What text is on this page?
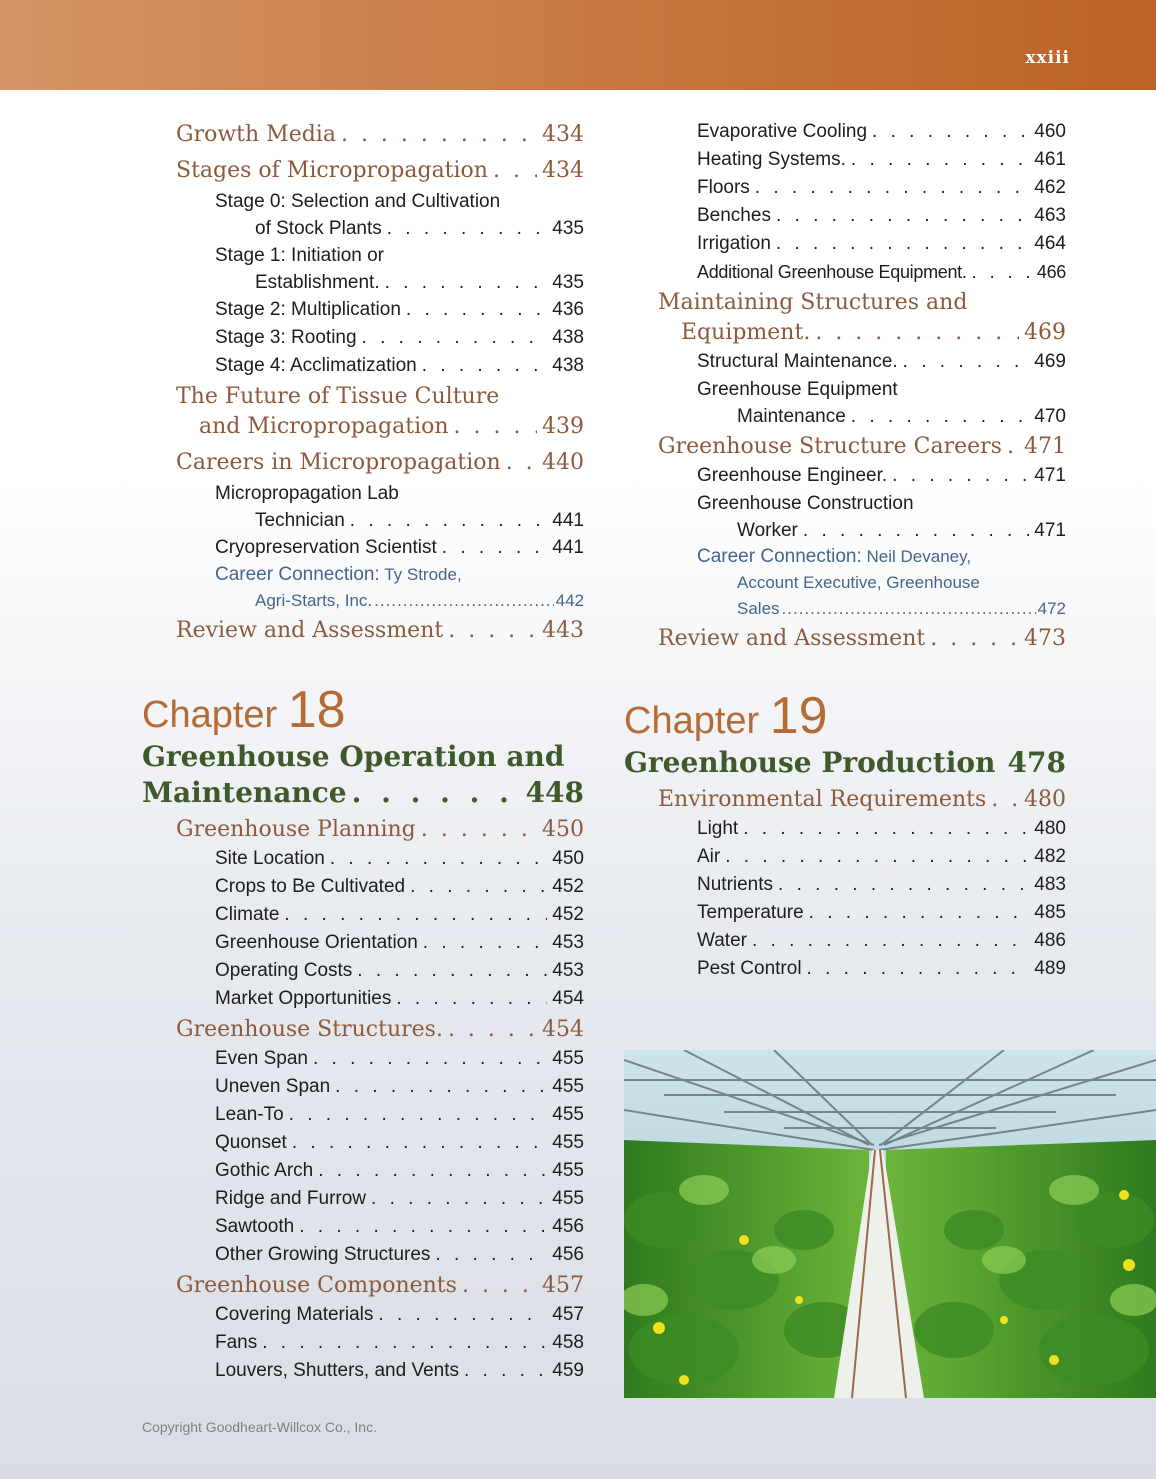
xxiii
Growth Media . . .	434
Stages of Micropropagation . . . 434
Stage 0: Selection and Cultivation
of Stock Plants . . .	435
Stage 1: Initiation or
Establishment. . . .	435
Stage 2: Multiplication . . .	436
Stage 3: Rooting . . .	438
Stage 4: Acclimatization . . .	438
The Future of Tissue Culture
and Micropropagation . . .	439
Careers in Micropropagation . . . 440
Micropropagation Lab
Technician . . .	441
Cryopreservation Scientist . . .	441
Career Connection: Ty Strode,
Agri-Starts, Inc. .....	442
Review and Assessment . . .	443
Chapter 18
Greenhouse Operation and
Maintenance . . .	448
Greenhouse Planning . . .	450
Site Location . . .	450
Crops to Be Cultivated . . .	452
Climate . . .	452
Greenhouse Orientation . . .	453
Operating Costs . . .	453
Market Opportunities . . .	454
Greenhouse Structures. . . .	454
Even Span . . .	455
Uneven Span . . .	455
Lean-To . . .	455
Quonset . . .	455
Gothic Arch . . .	455
Ridge and Furrow . . .	455
Sawtooth . . .	456
Other Growing Structures . . .	456
Greenhouse Components . . .	457
Covering Materials . . .	457
Fans . . .	458
Louvers, Shutters, and Vents . . .	459
Evaporative Cooling . . .	460
Heating Systems. . . .	461
Floors . . .	462
Benches . . .	463
Irrigation . . .	464
Additional Greenhouse Equipment. . . .	466
Maintaining Structures and
Equipment. . . .	469
Structural Maintenance. . . .	469
Greenhouse Equipment
Maintenance . . .	470
Greenhouse Structure Careers . . . 471
Greenhouse Engineer. . . .	471
Greenhouse Construction
Worker . . .	471
Career Connection: Neil Devaney,
Account Executive, Greenhouse
Sales .....	472
Review and Assessment . . .	473
Chapter 19
Greenhouse Production . . . 478
Environmental Requirements . . . 480
Light . . .	480
Air . . .	482
Nutrients . . .	483
Temperature . . .	485
Water . . .	486
Pest Control . . .	489
Copyright Goodheart-Willcox Co., Inc.
